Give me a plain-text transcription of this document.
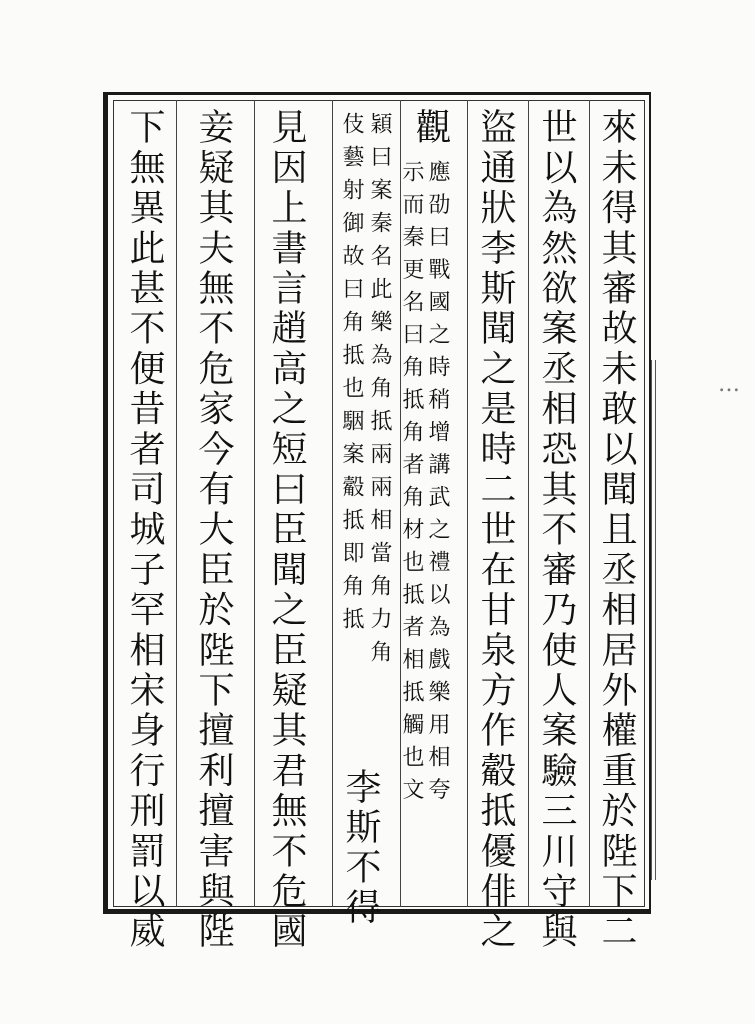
…
來未得其審故未敢以聞且丞相居外權重於陛下二
世以為然欲案丞相恐其不審乃使人案驗三川守與
盜通狀李斯聞之是時二世在甘泉方作觳抵優俳之
觀
應劭曰戰國之時稍增講武之禮以為戲樂用相夸
示而秦更名曰角抵角者角材也抵者相抵觸也文
穎曰案秦名此樂為角抵兩兩相當角力角
伎藝射御故曰角抵也駰案觳抵即角抵
李斯不得
見因上書言趙高之短曰臣聞之臣疑其君無不危國
妾疑其夫無不危家今有大臣於陛下擅利擅害與陛
下無異此甚不便昔者司城子罕相宋身行刑罰以威
